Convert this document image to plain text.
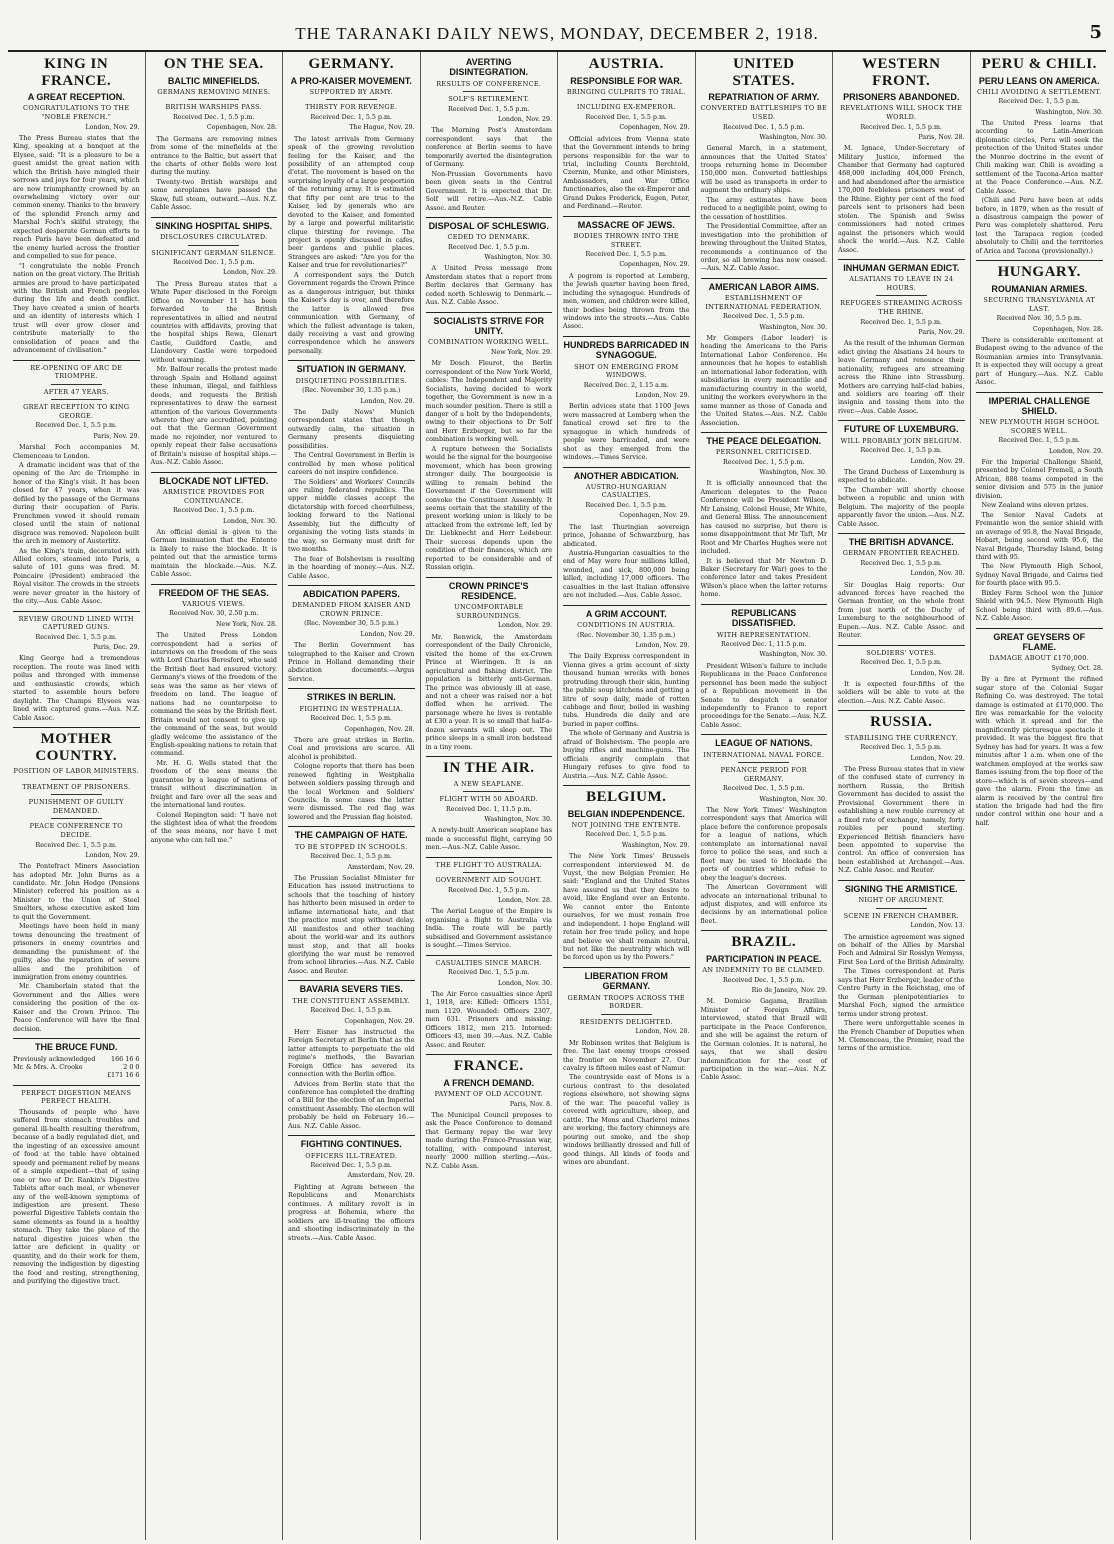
THE TARANAKI DAILY NEWS, MONDAY, DECEMBER 2, 1918.	5
KING IN FRANCE.
A GREAT RECEPTION.
CONGRATULATIONS TO THE "NOBLE FRENCH."
London, Nov. 29.

The Press Bureau states that the King, speaking at a banquet at the Elysee, said: "It is a pleasure to be a guest amidst the great nation with which the British have mingled their sorrows and joys for four years, which are now triumphantly crowned by an overwhelming victory over our common enemy. Thanks to the bravery of the splendid French army and Marshal Foch's skilful strategy, the expected desperate German efforts to reach Paris have been defeated and the enemy hurled across the frontier and compelled to sue for peace.

"I congratulate the noble French nation on the great victory. The British armies are proud to have participated with the British and French peoples during the life and death conflict. They have created a union of hearts and an identity of interests which I trust will ever grow closer and contribute materially to the consolidation of peace and the advancement of civilisation."

RE-OPENING OF ARC DE TRIOMPHE.
AFTER 47 YEARS.
GREAT RECEPTION TO KING GEORGE.
Received Dec. 1, 5.5 p.m.
Paris, Nov. 29.

Marshal Foch accompanies M. Clemenceau to London.

A dramatic incident was that of the opening of the Arc de Triomphe in honor of the King's visit. It has been closed for 47 years, when it was defiled by the passage of the Germans during their occupation of Paris. Frenchmen vowed it should remain closed until the stain of national disgrace was removed. Napoleon built the arch in memory of Austerlitz.

As the King's train, decorated with Allied colors, steamed into Paris, a salute of 101 guns was fired. M. Poincaire (President) embraced the Royal visitor. The crowds in the streets were never greater in the history of the city.—Aus. Cable Assoc.

REVIEW GROUND LINED WITH CAPTURED GUNS.
Received Dec. 1, 5.5 p.m.
Paris, Dec. 29.

King George had a tremendous reception. The route was lined with poilus and thronged with immense and enthusiastic crowds, which started to assemble hours before daylight. The Champs Elysees was lined with captured guns.—Aus. N.Z. Cable Assoc.

MOTHER COUNTRY.
POSITION OF LABOR MINISTERS.
TREATMENT OF PRISONERS.
PUNISHMENT OF GUILTY DEMANDED.
PEACE CONFERENCE TO DECIDE.
Received Dec. 1, 5.5 p.m.
London, Nov. 29.

The Pontefract Miners Association has adopted Mr. John Burns as a candidate. Mr. John Hodge (Pensions Minister) referred his position as a Minister to the Union of Steel Smelters, whose executive asked him to quit the Government.

Meetings have been held in many towns denouncing the treatment of prisoners in enemy countries and demanding the punishment of the guilty, also the reparation of severe allies and the prohibition of immigration from enemy countries.

Mr. Chamberlain stated that the Government and the Allies were considering the position of the ex-Kaiser and the Crown Prince. The Peace Conference will have the final decision.

THE BRUCE FUND.
Previously acknowledged	166 16 6
Mr. & Mrs. A. Crooke	2 0 0
	£171 16 6
PERFECT DIGESTION MEANS PERFECT HEALTH.

Thousands of people who have suffered from stomach troubles and general ill-health resulting therefrom, because of a badly regulated diet, and the ingesting of an excessive amount of food at the table have obtained speedy and permanent relief by means of a simple expedient—that of using one or two of Dr. Rankin's Digestive Tablets after each meal, or whenever any of the well-known symptoms of indigestion are present. These powerful Digestive Tablets contain the same elements as found in a healthy stomach. They take the place of the natural digestive juices when the latter are deficient in quality or quantity, and do their work for them, removing the indigestion by digesting the food and resting, strengthening, and purifying the digestive tract.

ON THE SEA.
BALTIC MINEFIELDS.
GERMANS REMOVING MINES.
BRITISH WARSHIPS PASS.
Received Dec. 1, 5.5 p.m.
Copenhagen, Nov. 28.

The Germans are removing mines from some of the minefields at the entrance to the Baltic, but assert that the charts of other fields were lost during the mutiny.

Twenty-two British warships and some aeroplanes have passed the Skaw, full steam, outward.—Aus. N.Z. Cable Assoc.

SINKING HOSPITAL SHIPS.
DISCLOSURES CIRCULATED.
SIGNIFICANT GERMAN SILENCE.
Received Dec. 1, 5.5 p.m.
London, Nov. 29.

The Press Bureau states that a White Paper disclosed in the Foreign Office on November 11 has been forwarded to the British representatives in allied and neutral countries with affidavits, proving that the hospital ships Rewa, Glenart Castle, Guildford Castle, and Llandovery Castle were torpedoed without warning.

Mr. Balfour recalls the protest made through Spain and Holland against these inhuman, illegal, and faithless deeds, and requests the British representatives to draw the earnest attention of the various Governments whereto they are accredited, pointing out that the German Government made no rejoinder, nor ventured to openly repeat their false accusations of Britain's misuse of hospital ships.—Aus.-N.Z. Cable Assoc.

BLOCKADE NOT LIFTED.
ARMISTICE PROVIDES FOR CONTINUANCE.
Received Dec. 1, 5.5 p.m.
London, Nov. 30.

An official denial is given to the German insinuation that the Entente is likely to raise the blockade. It is pointed out that the armistice terms maintain the blockade.—Aus. N.Z. Cable Assoc.

FREEDOM OF THE SEAS.
VARIOUS VIEWS.
Received Nov. 30, 2.50 p.m.
New York, Nov. 28.

The United Press London correspondent had a series of interviews on the freedom of the seas with Lord Charles Beresford, who said the British fleet had ensured victory. Germany's views of the freedom of the seas was the same as her views of freedom on land. The league of nations had no counterpoise to command the seas by the British fleet. Britain would not consent to give up the command of the seas, but would gladly welcome the assistance of the English-speaking nations to retain that command.

Mr. H. G. Wells stated that the freedom of the seas means the guarantee by a league of nations of transit without discrimination in freight and fare over all the seas and the international land routes.

Colonel Repington said: "I have not the slightest idea of what the freedom of the seas means, nor have I met anyone who can tell me."

GERMANY.
A PRO-KAISER MOVEMENT.
SUPPORTED BY ARMY.
THIRSTY FOR REVENGE.
Received Dec. 1, 5.5 p.m.
The Hague, Nov. 29.

The latest arrivals from Germany speak of the growing revolution feeling for the Kaiser, and the possibility of an attempted coup d'etat. The movement is based on the surprising loyalty of a large proportion of the returning army. It is estimated that fifty per cent are true to the Kaiser, led by generals who are devoted to the Kaiser, and fomented by a large and powerful militaristic clique thirsting for revenge. The project is openly discussed in cafes, beer gardens and public places. Strangers are asked: "Are you for the Kaiser and true for revolutionaries?"

A correspondent says the Dutch Government regards the Crown Prince as a dangerous intriguer, but thinks the Kaiser's day is over, and therefore the latter is allowed free communication with Germany, of which the fullest advantage is taken, daily receiving a vast and growing correspondence which he answers personally.

SITUATION IN GERMANY.
DISQUIETING POSSIBILITIES.
(Rec. November 30, 1.35 p.m.)
London, Nov. 29.

The Daily News' Munich correspondent states that though outwardly calm, the situation in Germany presents disquieting possibilities.

The Central Government in Berlin is controlled by men whose political careers do not inspire confidence.

The Soldiers' and Workers' Councils are ruling federated republics. The upper middle classes accept the dictatorship with forced cheerfulness, looking forward to the National Assembly, but the difficulty of organising the voting lists stands in the way, so Germany must drift for two months.

The fear of Bolshevism is resulting in the hoarding of money.—Aus. N.Z. Cable Assoc.

ABDICATION PAPERS.
DEMANDED FROM KAISER AND CROWN PRINCE.
(Rec. November 30, 5.5 p.m.)
London, Nov. 29.

The Berlin Government has telegraphed to the Kaiser and Crown Prince in Holland demanding their abdication documents.—Argus Service.

STRIKES IN BERLIN.
FIGHTING IN WESTPHALIA.
Received Dec. 1, 5.5 p.m.
Copenhagen, Nov. 28.

There are great strikes in Berlin. Coal and provisions are scarce. All alcohol is prohibited.

Cologne reports that there has been renewed fighting in Westphalia between soldiers passing through and the local Workmen and Soldiers' Councils. In some cases the latter were dismissed. The red flag was lowered and the Prussian flag hoisted.

THE CAMPAIGN OF HATE.
TO BE STOPPED IN SCHOOLS.
Received Dec. 1, 5.5 p.m.
Amsterdam, Nov. 29.

The Prussian Socialist Minister for Education has issued instructions to schools that the teaching of history has hitherto been misused in order to inflame international hate, and that the practice must stop without delay. All manifestos and other teaching about the world-war and its authors must stop, and that all books glorifying the war must be removed from school libraries.—Aus. N.Z. Cable Assoc. and Reuter.

BAVARIA SEVERS TIES.
THE CONSTITUENT ASSEMBLY.
Received Dec. 1, 5.5 p.m.
Copenhagen, Nov. 29.

Herr Eisner has instructed the Foreign Secretary at Berlin that as the latter attempts to perpetuate the old regime's methods, the Bavarian Foreign Office has severed its connection with the Berlin office.

Advices from Berlin state that the conference has completed the drafting of a Bill for the election of an Imperial constituent Assembly. The election will probably be held on February 16.—Aus. N.Z. Cable Assoc.

FIGHTING CONTINUES.
OFFICERS ILL-TREATED.
Received Dec. 1, 5.5 p.m.
Amsterdam, Nov. 29.

Fighting at Agram between the Republicans and Monarchists continues. A military revolt is in progress at Bohemia, where the soldiers are ill-treating the officers and shooting indiscriminately in the streets.—Aus. Cable Assoc.

AVERTING DISINTEGRATION.
RESULTS OF CONFERENCE.
SOLF'S RETIREMENT.
Received Dec. 1, 5.5 p.m.
London, Nov. 29.

The Morning Post's Amsterdam correspondent says that the conference at Berlin seems to have temporarily averted the disintegration of Germany.

Non-Prussian Governments have been given seats in the Central Government. It is expected that Dr. Solf will retire.—Aus.-N.Z. Cable Assoc. and Reuter.

DISPOSAL OF SCHLESWIG.
CEDED TO DENMARK.
Received Dec. 1, 5.5 p.m.
Washington, Nov. 30.

A United Press message from Amsterdam states that a report from Berlin declares that Germany has ceded north Schleswig to Denmark.—Aus. N.Z. Cable Assoc.

SOCIALISTS STRIVE FOR UNITY.
COMBINATION WORKING WELL.
New York, Nov. 29.

Mr Dosch Fleurot, the Berlin correspondent of the New York World, cables: The Independent and Majority Socialists, having decided to work together, the Government is now in a much sounder position. There is still a danger of a bolt by the Independents, owing to their objections to Dr Solf and Herr Erzberger, but so far the combination is working well.

A rupture between the Socialists would be the signal for the bourgeoise movement, which has been growing stronger daily. The bourgeoisie is willing to remain behind the Government if the Government will convoke the Constituent Assembly. It seems certain that the stability of the present working union is likely to be attacked from the extreme left, led by Dr. Liebknecht and Herr Ledebour. Their success depends upon the condition of their finances, which are reported to be considerable and of Russian origin.

CROWN PRINCE'S RESIDENCE.
UNCOMFORTABLE SURROUNDINGS.
London, Nov. 29.

Mr. Renwick, the Amsterdam correspondent of the Daily Chronicle, visited the home of the ex-Crown Prince at Wieringen. It is an agricultural and fishing district. The population is bitterly anti-German. The prince was obviously ill at ease, and not a cheer was raised nor a hat doffed when he arrived. The parsonage where he lives is rentable at £30 a year. It is so small that half-a-dozen servants will sleep out. The prince sleeps in a small iron bedstead in a tiny room.

IN THE AIR.
A NEW SEAPLANE.
FLIGHT WITH 50 ABOARD.
Received Dec. 1, 11.5 p.m.
Washington, Nov. 30.

A newly-built American seaplane has made a successful flight, carrying 50 men.—Aus.-N.Z. Cable Assoc.

THE FLIGHT TO AUSTRALIA.
GOVERNMENT AID SOUGHT.
Received Dec. 1, 5.5 p.m.
London, Nov. 28.

The Aerial League of the Empire is organising a flight to Australia via India. The route will be partly subsidised and Government assistance is sought.—Times Service.

CASUALTIES SINCE MARCH.
Received Dec. 1, 5.5 p.m.
London, Nov. 30.

The Air Force casualties since April 1, 1918, are: Killed: Officers 1551, men 1129. Wounded: Officers 2307, men 631. Prisoners and missing: Officers 1812, men 215. Interned: Officers 43, men 39.—Aus. N.Z. Cable Assoc. and Reuter.

FRANCE.
A FRENCH DEMAND.
PAYMENT OF OLD ACCOUNT.
Paris, Nov. 8.

The Municipal Council proposes to ask the Peace Conference to demand that Germany repay the war levy made during the Franco-Prussian war, totalling, with compound interest, nearly 2000 million sterling.—Aus.-N.Z. Cable Assn.

AUSTRIA.
RESPONSIBLE FOR WAR.
BRINGING CULPRITS TO TRIAL.
INCLUDING EX-EMPEROR.
Received Dec. 1, 5.5 p.m.
Copenhagen, Nov. 29.

Official advices from Vienna state that the Government intends to bring persons responsible for the war to trial, including Counts Berchtold, Czernin, Munke, and other Ministers, Ambassadors, and War Office functionaries, also the ex-Emperor and Grand Dukes Frederick, Eugen, Peter, and Ferdinand.—Reuter.

MASSACRE OF JEWS.
BODIES THROWN INTO THE STREET.
Received Dec. 1, 5.5 p.m.
Copenhagen, Nov. 29.

A pogrom is reported at Lemberg, the Jewish quarter having been fired, including the synagogue. Hundreds of men, women, and children were killed, their bodies being thrown from the windows into the streets.—Aus. Cable Assoc.

HUNDREDS BARRICADED IN SYNAGOGUE.
SHOT ON EMERGING FROM WINDOWS.
Received Dec. 2, 1.15 a.m.
London, Nov. 29.

Berlin advices state that 1100 Jews were massacred at Lemberg when the fanatical crowd set fire to the synagogue in which hundreds of people were barricaded, and were shot as they emerged from the windows.—Times Service.

ANOTHER ABDICATION.
AUSTRO-HUNGARIAN CASUALTIES.
Received Dec. 1, 5.5 p.m.
Copenhagen, Nov. 29.

The last Thuringian sovereign prince, Johanne of Schwarzburg, has abdicated.

Austria-Hungarian casualties to the end of May were four millions killed, wounded, and sick, 800,000 being killed, including 17,000 officers. The casualties in the last Italian offensive are not included.—Aus. Cable Assoc.

A GRIM ACCOUNT.
CONDITIONS IN AUSTRIA.
(Rec. November 30, 1.35 p.m.)
London, Nov. 29.

The Daily Express correspondent in Vienna gives a grim account of sixty thousand human wrecks with bones protruding through their skin, hunting the public soup kitchens and getting a litre of soup daily, made of rotten cabbage and flour, boiled in washing tubs. Hundreds die daily and are buried in paper coffins.

The whole of Germany and Austria is afraid of Bolshevism. The people are buying rifles and machine-guns. The officials angrily complain that Hungary refuses to give food to Austria.—Aus. N.Z. Cable Assoc.

BELGIUM.
BELGIAN INDEPENDENCE.
NOT JOINING THE ENTENTE.
Received Dec. 1, 5.5 p.m.
Washington, Nov. 29.

The New York Times' Brussels correspondent interviewed M. de Vuyst, the new Belgian Premier. He said: "England and the United States have assured us that they desire to avoid, like England ever an Entente. We cannot enter the Entente ourselves, for we must remain free and independent. I hope England will retain her free trade policy, and hope and believe we shall remain neutral, but not like the neutrality which will be forced upon us by the Powers."

LIBERATION FROM GERMANY.
GERMAN TROOPS ACROSS THE BORDER.
RESIDENTS DELIGHTED.
London, Nov. 28.

Mr Robinson writes that Belgium is free. The last enemy troops crossed the frontier on November 27. Our cavalry is fifteen miles east of Namur.

The countryside east of Mons is a curious contrast to the desolated regions elsewhere, not showing signs of the war. The peaceful valley is covered with agriculture, sheep, and cattle. The Mons and Charleroi mines are working, the factory chimneys are pouring out smoke, and the shop windows brilliantly dressed and full of good things. All kinds of foods and wines are abundant.

UNITED STATES.
REPATRIATION OF ARMY.
CONVERTED BATTLESHIPS TO BE USED.
Received Dec. 1, 5.5 p.m.
Washington, Nov. 30.

General March, in a statement, announces that the United States' troops returning home in December 150,000 men. Converted battleships will be used as transports in order to augment the ordinary ships.

The army estimates have been reduced to a negligible point, owing to the cessation of hostilities.

The Presidential Committee, after an investigation into the prohibition of brewing throughout the United States, recommends a continuance of the order, so all brewing has now ceased.—Aus. N.Z. Cable Assoc.

AMERICAN LABOR AIMS.
ESTABLISHMENT OF INTERNATIONAL FEDERATION.
Received Dec. 1, 5.5 p.m.
Washington, Nov. 30.

Mr Gompers (Labor leader) is heading the Americans to the Paris International Labor Conference. He announces that he hopes to establish an international labor federation, with subsidiaries in every mercantile and manufacturing country in the world, uniting the workers everywhere in the same manner as those of Canada and the United States.—Aus. N.Z. Cable Association.

THE PEACE DELEGATION.
PERSONNEL CRITICISED.
Received Dec. 1, 5.5 p.m.
Washington, Nov. 30.

It is officially announced that the American delegates to the Peace Conference will be President Wilson, Mr Lansing, Colonel House, Mr White, and General Bliss. The announcement has caused no surprise, but there is some disappointment that Mr Taft, Mr Root and Mr Charles Hughes were not included.

It is believed that Mr Newton D. Baker (Secretary for War) goes to the conference later and takes President Wilson's place when the latter returns home.

REPUBLICANS DISSATISFIED.
WITH REPRESENTATION.
Received Dec. 1, 11.5 p.m.
Washington, Nov. 30.

President Wilson's failure to include Republicans in the Peace Conference personnel has been made the subject of a Republican movement in the Senate to despatch a senator independently to France to report proceedings for the Senate.—Aus. N.Z. Cable Assoc.

LEAGUE OF NATIONS.
INTERNATIONAL NAVAL FORCE.
PENANCE PERIOD FOR GERMANY.
Received Dec. 1, 5.5 p.m.
Washington, Nov. 30.

The New York Times' Washington correspondent says that America will place before the conference proposals for a league of nations, which contemplate an international naval force to police the seas, and such a fleet may be used to blockade the ports of countries which refuse to obey the league's decrees.

The American Government will advocate an international tribunal to adjust disputes, and will enforce its decisions by an international police fleet.

BRAZIL.
PARTICIPATION IN PEACE.
AN INDEMNITY TO BE CLAIMED.
Received Dec. 1, 5.5 p.m.
Rio de Janeiro, Nov. 29.

M. Domicio Gagama, Brazilian Minister of Foreign Affairs, interviewed, stated that Brazil will participate in the Peace Conference, and she will be against the return of the German colonies. It is natural, he says, that we shall desire indemnification for the cost of participation in the war.—Aus. N.Z. Cable Assoc.

WESTERN FRONT.
PRISONERS ABANDONED.
REVELATIONS WILL SHOCK THE WORLD.
Received Dec. 1, 5.5 p.m.
Paris, Nov. 28.

M. Ignace, Under-Secretary of Military Justice, informed the Chamber that Germany had captured 468,000 including 404,000 French, and had abandoned after the armistice 170,000 feebleless prisoners west of the Rhine. Eighty per cent of the food parcels sent to prisoners had been stolen. The Spanish and Swiss commissioners had noted crimes against the prisoners which would shock the world.—Aus. N.Z. Cable Assoc.

INHUMAN GERMAN EDICT.
ALSATIANS TO LEAVE IN 24 HOURS.
REFUGEES STREAMING ACROSS THE RHINE.
Received Dec. 1, 5.5 p.m.
Paris, Nov. 29.

As the result of the inhuman German edict giving the Alsatians 24 hours to leave Germany and renounce their nationality, refugees are streaming across the Rhine into Strassburg. Mothers are carrying half-clad babies, and soldiers are tearing off their insignia and tossing them into the river.—Aus. Cable Assoc.

FUTURE OF LUXEMBURG.
WILL PROBABLY JOIN BELGIUM.
Received Dec. 1, 5.5 p.m.
London, Nov. 29.

The Grand Duchess of Luxemburg is expected to abdicate.

The Chamber will shortly choose between a republic and union with Belgium. The majority of the people apparently favor the union.—Aus. N.Z. Cable Assoc.

THE BRITISH ADVANCE.
GERMAN FRONTIER REACHED.
Received Dec. 1, 5.5 p.m.
London, Nov. 30.

Sir Douglas Haig reports: Our advanced forces have reached the German frontier, on the whole front from just north of the Duchy of Luxemburg to the neighbourhood of Eupen.—Aus. N.Z. Cable Assoc. and Reuter.

SOLDIERS' VOTES.
Received Dec. 1, 5.5 p.m.
London, Nov. 28.

It is expected four-fifths of the soldiers will be able to vote at the election.—Aus. N.Z. Cable Assoc.

RUSSIA.
STABILISING THE CURRENCY.
Received Dec. 1, 5.5 p.m.
London, Nov. 29.

The Press Bureau states that in view of the confused state of currency in northern Russia, the British Government has decided to assist the Provisional Government there in establishing a new rouble currency at a fixed rate of exchange, namely, forty roubles per pound sterling. Experienced British financiers have been appointed to supervise the control. An office of conversion has been established at Archangel.—Aus. N.Z. Cable Assoc. and Reuter.

SIGNING THE ARMISTICE.
NIGHT OF ARGUMENT.
SCENE IN FRENCH CHAMBER.
London, Nov. 13.

The armistice agreement was signed on behalf of the Allies by Marshal Foch and Admiral Sir Rosslyn Wemyss, First Sea Lord of the British Admiralty.

The Times correspondent at Paris says that Herr Erzberger, leader of the Centre Party in the Reichstag, one of the German plenipotentiaries to Marshal Foch, signed the armistice terms under strong protest.

There were unforgettable scenes in the French Chamber of Deputies when M. Clemenceau, the Premier, read the terms of the armistice.

PERU & CHILI.
PERU LEANS ON AMERICA.
CHILI AVOIDING A SETTLEMENT.
Received Dec. 1, 5.5 p.m.
Washington, Nov. 30.

The United Press learns that according to Latin-American diplomatic circles, Peru will seek the protection of the United States under the Monroe doctrine in the event of Chili making war. Chili is avoiding a settlement of the Tacona-Arica matter at the Peace Conference.—Aus. N.Z. Cable Assoc.

(Chili and Peru have been at odds before, in 1879, when as the result of a disastrous campaign the power of Peru was completely shattered. Peru lost the Tarapaca region (ceded absolutely to Chili) and the territories of Arica and Tacona (provisionally).)

HUNGARY.
ROUMANIAN ARMIES.
SECURING TRANSYLVANIA AT LAST.
Received Nov. 30, 5.5 p.m.
Copenhagen, Nov. 28.

There is considerable excitement at Budapest owing to the advance of the Roumanian armies into Transylvania. It is expected they will occupy a great part of Hungary.—Aus. N.Z. Cable Assoc.

IMPERIAL CHALLENGE SHIELD.
NEW PLYMOUTH HIGH SCHOOL SCORES WELL.
Received Dec. 1, 5.5 p.m.
London, Nov. 29.

For the Imperial Challenge Shield, presented by Colonel Fremell, a South African, 888 teams competed in the senior division and 575 in the junior division.

New Zealand wins eleven prizes.

The Senior Naval Cadets at Fremantle won the senior shield with an average of 95.8, the Naval Brigade, Hobart, being second with 95.6, the Naval Brigade, Thursday Island, being third with 95.

The New Plymouth High School, Sydney Naval Brigade, and Cairns tied for fourth place with 95.5.

Bixley Farm School won the Junior Shield with 94.5. New Plymouth High School being third with 89.6.—Aus. N.Z. Cable Assoc.

GREAT GEYSERS OF FLAME.
DAMAGE ABOUT £170,000.
Sydney, Oct. 28.

By a fire at Pyrmont the refined sugar store of the Colonial Sugar Refining Co. was destroyed. The total damage is estimated at £170,000. The fire was remarkable for the velocity with which it spread and for the magnificently picturesque spectacle it provided. It was the biggest fire that Sydney has had for years. It was a few minutes after 1 a.m. when one of the watchmen employed at the works saw flames issuing from the top floor of the store—which is of seven storeys—and gave the alarm. From the time an alarm is received by the central fire station the brigade had had the fire under control within one hour and a half.
